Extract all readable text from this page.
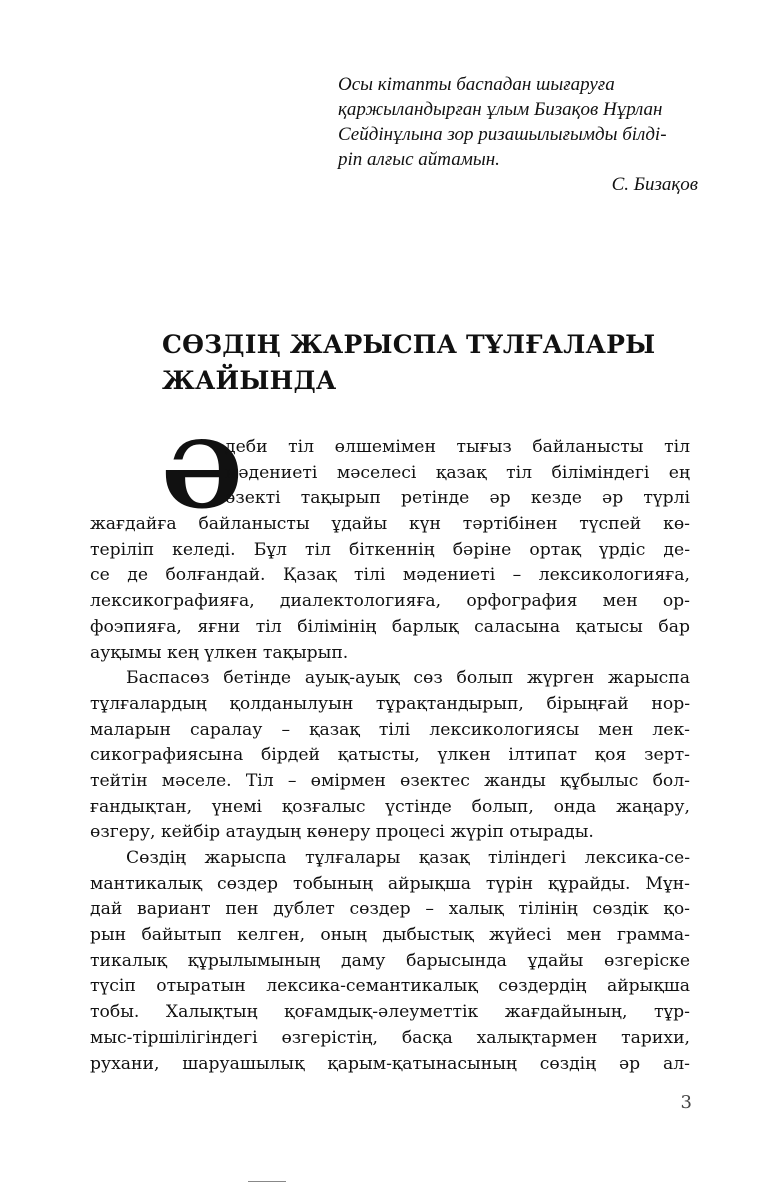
Осы кітапты баспадан шығаруға
қаржыландырған ұлым Бизақов Нұрлан
Сейдінұлына зор ризашылығымды білді-
ріп алғыс айтамын.
С. Бизақов
СӨЗДІҢ ЖАРЫСПА ТҰЛҒАЛАРЫ
ЖАЙЫНДА
Ә
деби тіл өлшемімен тығыз байланысты тіл
мәдениеті мәселесі қазақ тіл біліміндегі ең
өзекті тақырып ретінде әр кезде әр түрлі
жағдайға байланысты ұдайы күн тәртібінен түспей кө-
теріліп келеді. Бұл тіл біткеннің бәріне ортақ үрдіс де-
се де болғандай. Қазақ тілі мәдениеті – лексикологияға,
лексикографияға, диалектологияға, орфография мен ор-
фоэпияға, яғни тіл білімінің барлық саласына қатысы бар
ауқымы кең үлкен тақырып.
Баспасөз бетінде ауық-ауық сөз болып жүрген жарыспа
тұлғалардың қолданылуын тұрақтандырып, бірыңғай нор-
маларын саралау – қазақ тілі лексикологиясы мен лек-
сикографиясына бірдей қатысты, үлкен ілтипат қоя зерт-
тейтін мәселе. Тіл – өмірмен өзектес жанды құбылыс бол-
ғандықтан, үнемі қозғалыс үстінде болып, онда жаңару,
өзгеру, кейбір атаудың көнеру процесі жүріп отырады.
Сөздің жарыспа тұлғалары қазақ тіліндегі лексика-се-
мантикалық сөздер тобының айрықша түрін құрайды. Мұн-
дай вариант пен дублет сөздер – халық тілінің сөздік қо-
рын байытып келген, оның дыбыстық жүйесі мен грамма-
тикалық құрылымының даму барысында ұдайы өзгеріске
түсіп отыратын лексика-семантикалық сөздердің айрықша
тобы. Халықтың қоғамдық-әлеуметтік жағдайының, тұр-
мыс-тіршілігіндегі өзгерістің, басқа халықтармен тарихи,
рухани, шаруашылық қарым-қатынасының сөздің әр ал-
3
